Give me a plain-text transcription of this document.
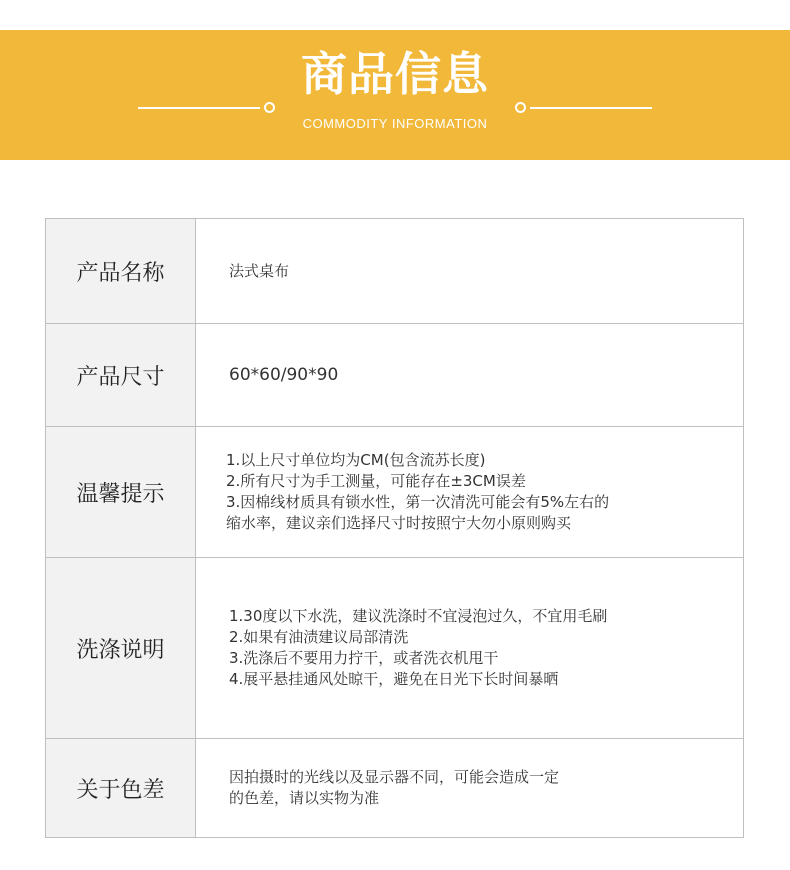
商品信息
COMMODITY INFORMATION
产品名称	法式桌布
产品尺寸	60*60/90*90
温馨提示
1.以上尺寸单位均为CM(包含流苏长度)
2.所有尺寸为手工测量，可能存在±3CM误差
3.因棉线材质具有锁水性，第一次清洗可能会有5%左右的
缩水率，建议亲们选择尺寸时按照宁大勿小原则购买
洗涤说明
1.30度以下水洗，建议洗涤时不宜浸泡过久，不宜用毛刷
2.如果有油渍建议局部清洗
3.洗涤后不要用力拧干，或者洗衣机甩干
4.展平悬挂通风处晾干，避免在日光下长时间暴晒
关于色差
因拍摄时的光线以及显示器不同，可能会造成一定
的色差，请以实物为准
